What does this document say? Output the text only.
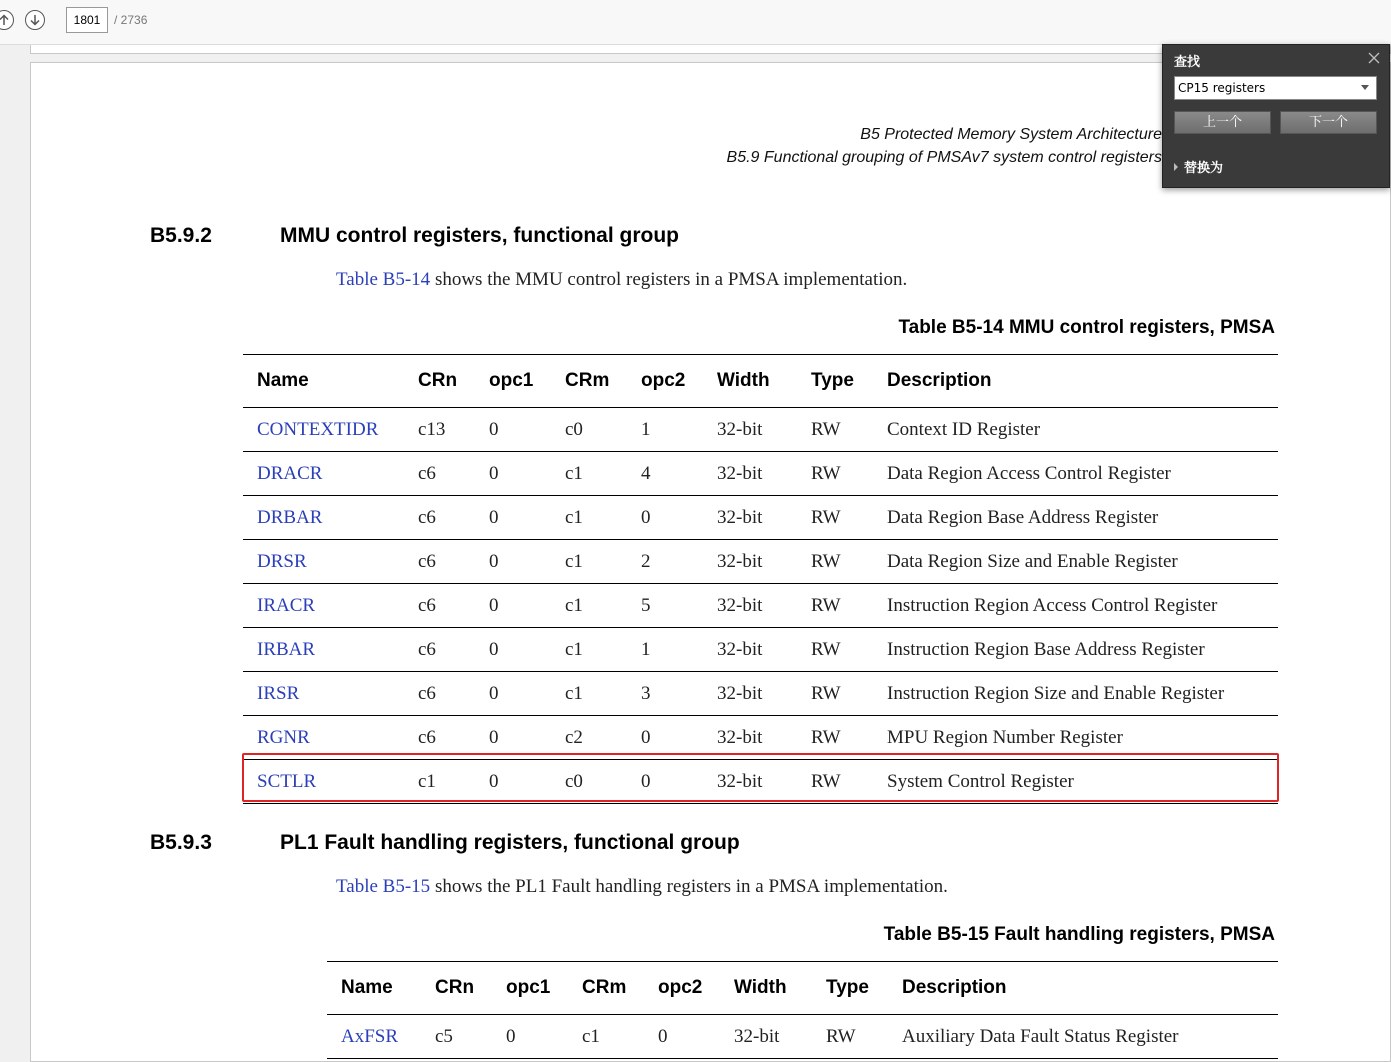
1801
/ 2736
B5 Protected Memory System Architecture
B5.9 Functional grouping of PMSAv7 system control registers
B5.9.2	MMU control registers, functional group
Table B5-14 shows the MMU control registers in a PMSA implementation.
Table B5-14 MMU control registers, PMSA
Name	CRn	opc1	CRm	opc2	Width	Type	Description
CONTEXTIDR	c13	0	c0	1	32-bit	RW	Context ID Register
DRACR	c6	0	c1	4	32-bit	RW	Data Region Access Control Register
DRBAR	c6	0	c1	0	32-bit	RW	Data Region Base Address Register
DRSR	c6	0	c1	2	32-bit	RW	Data Region Size and Enable Register
IRACR	c6	0	c1	5	32-bit	RW	Instruction Region Access Control Register
IRBAR	c6	0	c1	1	32-bit	RW	Instruction Region Base Address Register
IRSR	c6	0	c1	3	32-bit	RW	Instruction Region Size and Enable Register
RGNR	c6	0	c2	0	32-bit	RW	MPU Region Number Register
SCTLR	c1	0	c0	0	32-bit	RW	System Control Register
B5.9.3	PL1 Fault handling registers, functional group
Table B5-15 shows the PL1 Fault handling registers in a PMSA implementation.
Table B5-15 Fault handling registers, PMSA
Name	CRn	opc1	CRm	opc2	Width	Type	Description
AxFSR	c5	0	c1	0	32-bit	RW	Auxiliary Data Fault Status Register
查找
CP15 registers
上一个	下一个
替换为
